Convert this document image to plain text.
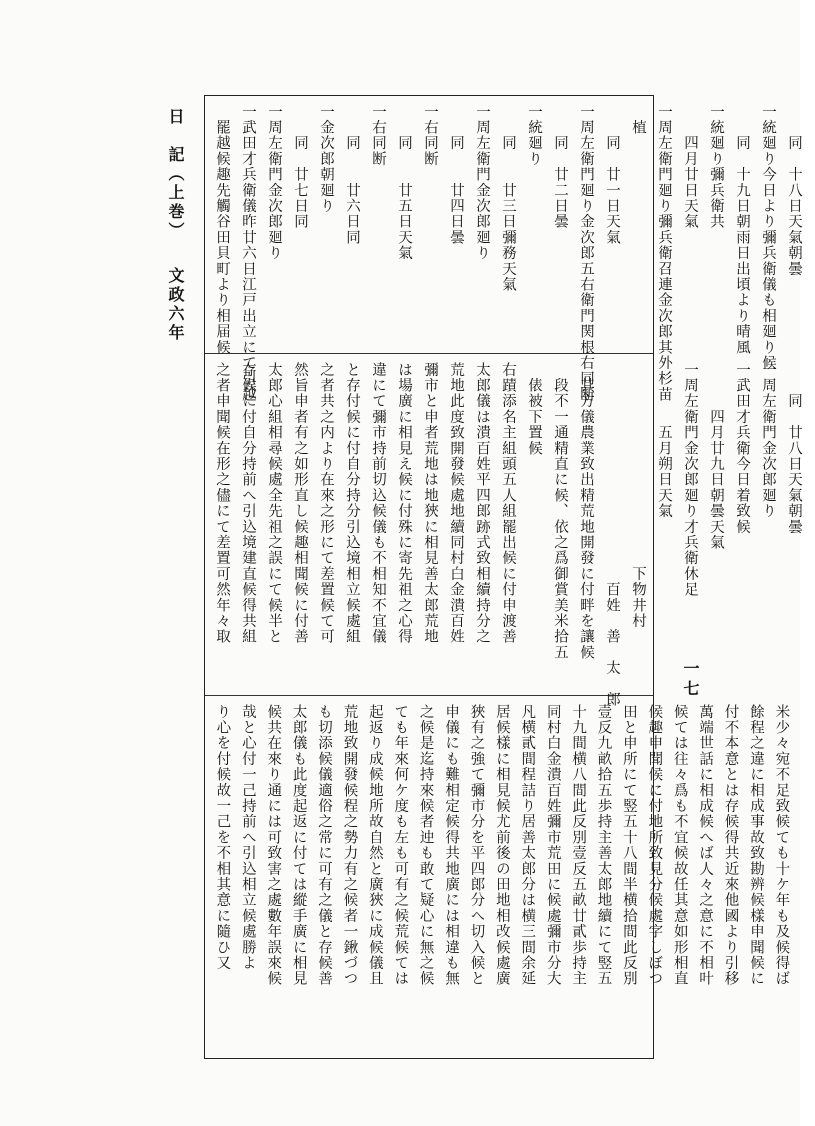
日　記（上巻）文政六年
　　同　十八日天氣朝曇
一統廻り今日より彌兵衛儀も相廻り候
　　同　十九日朝雨日出頃より晴風
一統廻り彌兵衛共
　　四月廿日天氣
一周左衛門廻り彌兵衛召連金次郎其外杉苗
　植
　　同　廿一日天氣
一周左衛門廻り金次郎五右衛門関根右同断
　　同　廿二日曇
一統廻り
　　同　　廿三日彌務天氣
一周左衛門金次郎廻り
　　同　　廿四日曇
一右同断
　　同　　廿五日天氣
一右同断
　　同　　廿六日同
一金次郎朝廻り
　　同　廿七日同
一周左衛門金次郎廻り
一武田才兵衛儀昨廿六日江戸出立にて引越
　罷越候趣先觸谷田貝町より相届候
　　同　廿八日天氣朝曇
一周左衛門金次郎廻り
一武田才兵衛今日着致候
　　　四月廿九日朝曇天氣
一周左衛門金次郎廻り才兵衛休足
　　　　五月朔日天氣
　　　　　　　　　　　　　下物井村
　　　　　　　　　　　　　　百姓　善　太　郎
　其方儀農業致出精荒地開發に付畔を讓候
　段不一通精直に候、依之爲御賞美米拾五
　俵被下置候
右蹟添名主組頭五人組罷出候に付申渡善
太郎儀は潰百姓平四郎跡式致相續持分之
荒地此度致開發候處地續同村白金潰百姓
彌市と申者荒地は地狹に相見善太郎荒地
は場廣に相見え候に付殊に寄先祖之心得
違にて彌市持前切込候儀も不相知不宜儀
と存付候に付自分持分引込境相立候處組
之者共之内より在來之形にて差置候て可
然旨申者有之如形直し候趣相聞候に付善
太郎心組相尋候處全先祖之誤にて候半と
存候に付自分持前へ引込境建直候得共組
之者申聞候在形之儘にて差置可然年々取
米少々宛不足致候ても十ケ年も及候得ば
餘程之違に相成事故致勘辨候樣申聞候に
付不本意とは存候得共近來他國より引移
萬端世話に相成候へば人々之意に不相叶
候ては往々爲も不宜候故任其意如形相直
候趣申聞候に付地所致見分候處字しぼつ
田と申所にて竪五十八間半横拾間此反別
壹反九畝拾五歩持主善太郎地續にて竪五
十九間横八間此反別壹反五畝廿貳歩持主
同村白金潰百姓彌市荒田に候處彌市分大
凡横貳間程詰り居善太郎分は横三間余延
居候樣に相見候尤前後の田地相改候處廣
狹有之強て彌市分を平四郎分へ切入候と
申儀にも難相定候得共地廣には相違も無
之候是迄持來候者迚も敢て疑心に無之候
ても年來何ケ度も左も可有之候荒候ては
起返り成候地所故自然と廣狹に成候儀且
荒地致開發候程之勢力有之候者一鍬づつ
も切添候儀適俗之常に可有之儀と存候善
太郎儀も此度起返に付ては縱手廣に相見
候共在來り通には可致害之處數年誤來候
哉と心付一己持前へ引込相立候處勝よ
り心を付候故一己を不相其意に隨ひ又
一七
